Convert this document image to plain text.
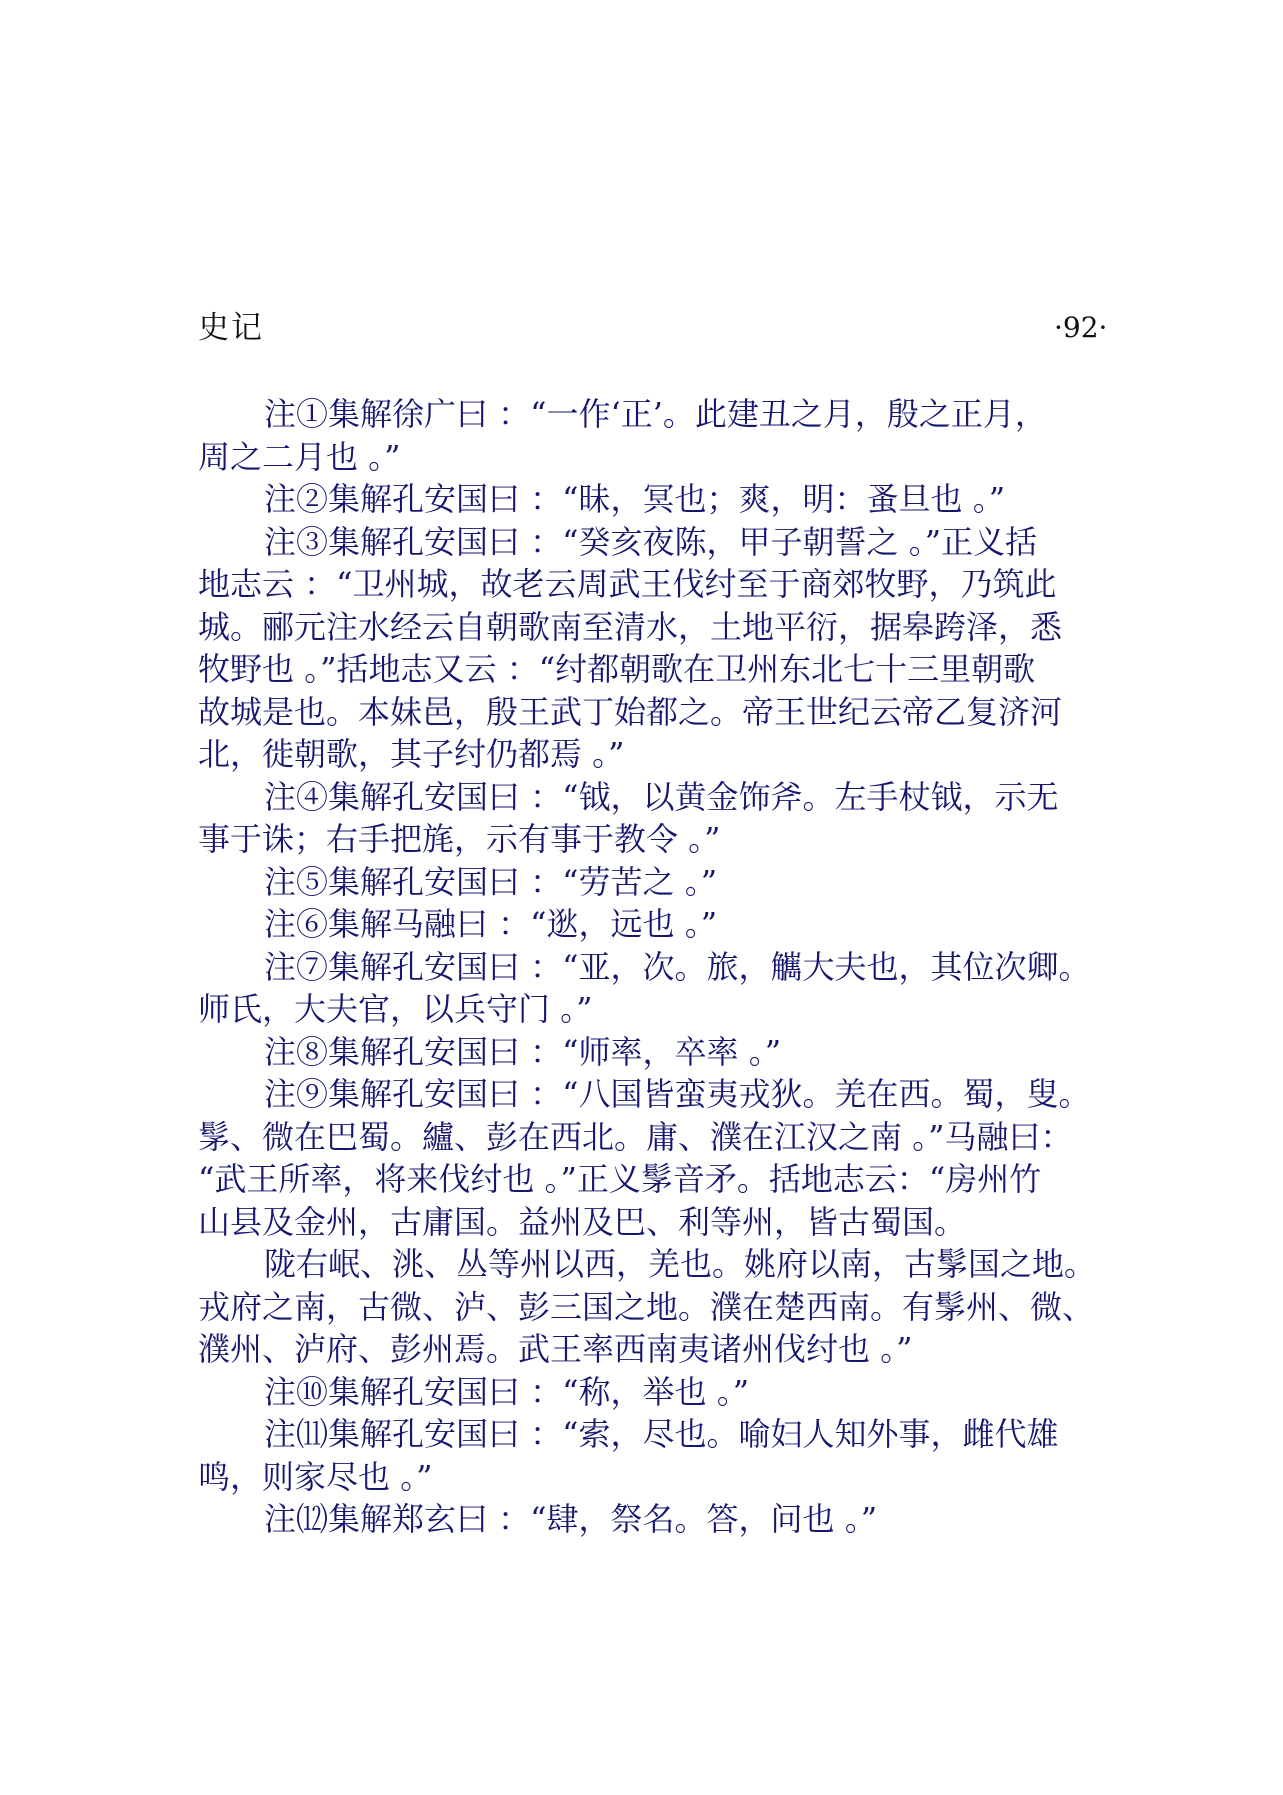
史记	·92·
注①集解徐广曰 ：“一作‘正’。此建丑之月，殷之正月，
周之二月也 。”
注②集解孔安国曰 ：“昧，冥也；爽，明：蚤旦也 。”
注③集解孔安国曰 ：“癸亥夜陈，甲子朝誓之 。”正义括
地志云 ：“卫州城，故老云周武王伐纣至于商郊牧野，乃筑此
城。郦元注水经云自朝歌南至清水，土地平衍，据皋跨泽，悉
牧野也 。”括地志又云 ：“纣都朝歌在卫州东北七十三里朝歌
故城是也。本妹邑，殷王武丁始都之。帝王世纪云帝乙复济河
北，徙朝歌，其子纣仍都焉 。”
注④集解孔安国曰 ：“钺，以黄金饰斧。左手杖钺，示无
事于诛；右手把旄，示有事于教令 。”
注⑤集解孔安国曰 ：“劳苦之 。”
注⑥集解马融曰 ：“逖，远也 。”
注⑦集解孔安国曰 ：“亚，次。旅，觽大夫也，其位次卿。
师氏，大夫官，以兵守门 。”
注⑧集解孔安国曰 ：“师率，卒率 。”
注⑨集解孔安国曰 ：“八国皆蛮夷戎狄。羌在西。蜀，叟。
髳、微在巴蜀。纑、彭在西北。庸、濮在江汉之南 。”马融曰：
“武王所率，将来伐纣也 。”正义髳音矛。括地志云：“房州竹
山县及金州，古庸国。益州及巴、利等州，皆古蜀国。
陇右岷、洮、丛等州以西，羌也。姚府以南，古髳国之地。
戎府之南，古微、泸、彭三国之地。濮在楚西南。有髳州、微、
濮州、泸府、彭州焉。武王率西南夷诸州伐纣也 。”
注⑩集解孔安国曰 ：“称，举也 。”
注⑾集解孔安国曰 ：“索，尽也。喻妇人知外事，雌代雄
鸣，则家尽也 。”
注⑿集解郑玄曰 ：“肆，祭名。答，问也 。”
